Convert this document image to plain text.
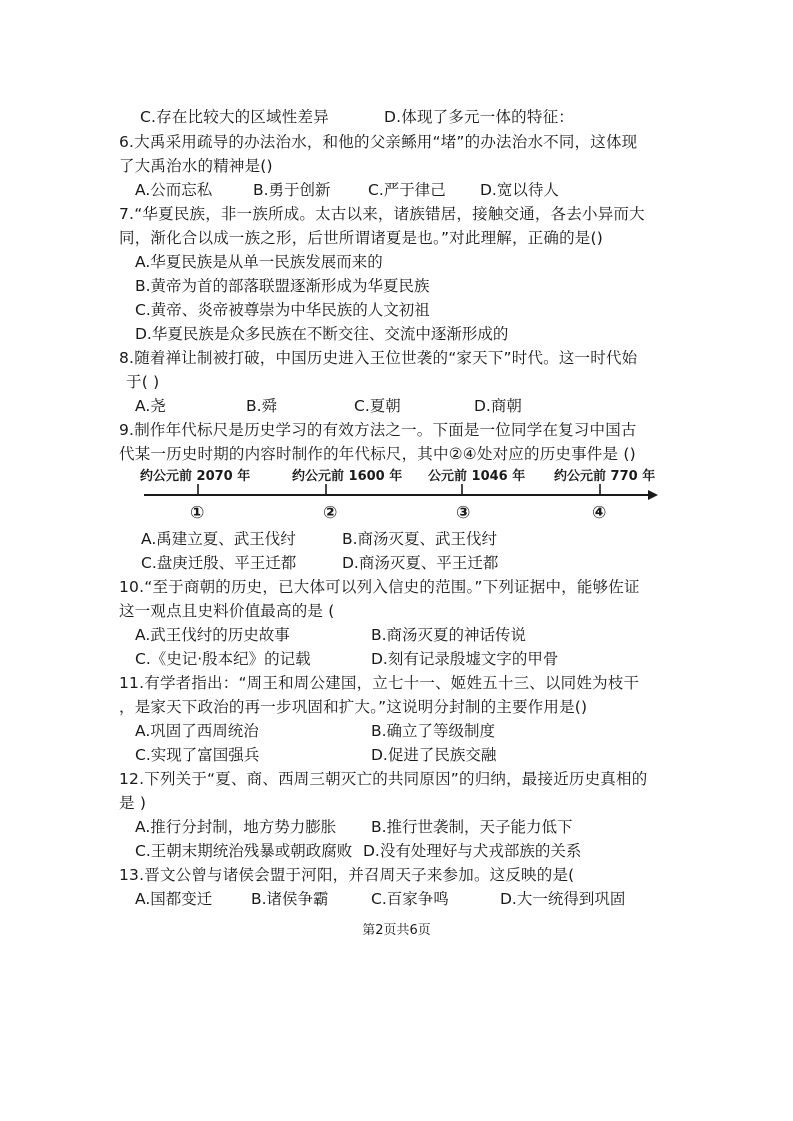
C.存在比较大的区域性差异	D.体现了多元一体的特征：
6.大禹采用疏导的办法治水，和他的父亲鲧用“堵”的办法治水不同，这体现
了大禹治水的精神是()
A.公而忘私	B.勇于创新 C.严于律己 D.宽以待人
7.“华夏民族，非一族所成。太古以来，诸族错居，接触交通，各去小异而大
同，渐化合以成一族之形，后世所谓诸夏是也。”对此理解，正确的是()
A.华夏民族是从单一民族发展而来的
B.黄帝为首的部落联盟逐渐形成为华夏民族
C.黄帝、炎帝被尊崇为中华民族的人文初祖
D.华夏民族是众多民族在不断交往、交流中逐渐形成的
8.随着禅让制被打破，中国历史进入王位世袭的“家天下”时代。这一时代始
于( )
A.尧	B.舜	C.夏朝	D.商朝
9.制作年代标尺是历史学习的有效方法之一。下面是一位同学在复习中国古
代某一历史时期的内容时制作的年代标尺，其中②④处对应的历史事件是 ()
约公元前 2070 年	约公元前 1600 年 公元前 1046 年 约公元前 770 年
①	②	③	④
A.禹建立夏、武王伐纣	B.商汤灭夏、武王伐纣
C.盘庚迁殷、平王迁都	D.商汤灭夏、平王迁都
10.“至于商朝的历史，已大体可以列入信史的范围。”下列证据中，能够佐证
这一观点且史料价值最高的是 (
A.武王伐纣的历史故事	B.商汤灭夏的神话传说
C.《史记·殷本纪》的记载	D.刻有记录殷墟文字的甲骨
11.有学者指出：“周王和周公建国，立七十一、姬姓五十三、以同姓为枝干
，是家天下政治的再一步巩固和扩大。”这说明分封制的主要作用是()
A.巩固了西周统治	B.确立了等级制度
C.实现了富国强兵	D.促进了民族交融
12.下列关于“夏、商、西周三朝灭亡的共同原因”的归纳，最接近历史真相的
是 )
A.推行分封制，地方势力膨胀 B.推行世袭制，天子能力低下
C.王朝末期统治残暴或朝政腐败 D.没有处理好与犬戎部族的关系
13.晋文公曾与诸侯会盟于河阳，并召周天子来参加。这反映的是(
A.国都变迁 B.诸侯争霸	C.百家争鸣	D.大一统得到巩固
第2页共6页
